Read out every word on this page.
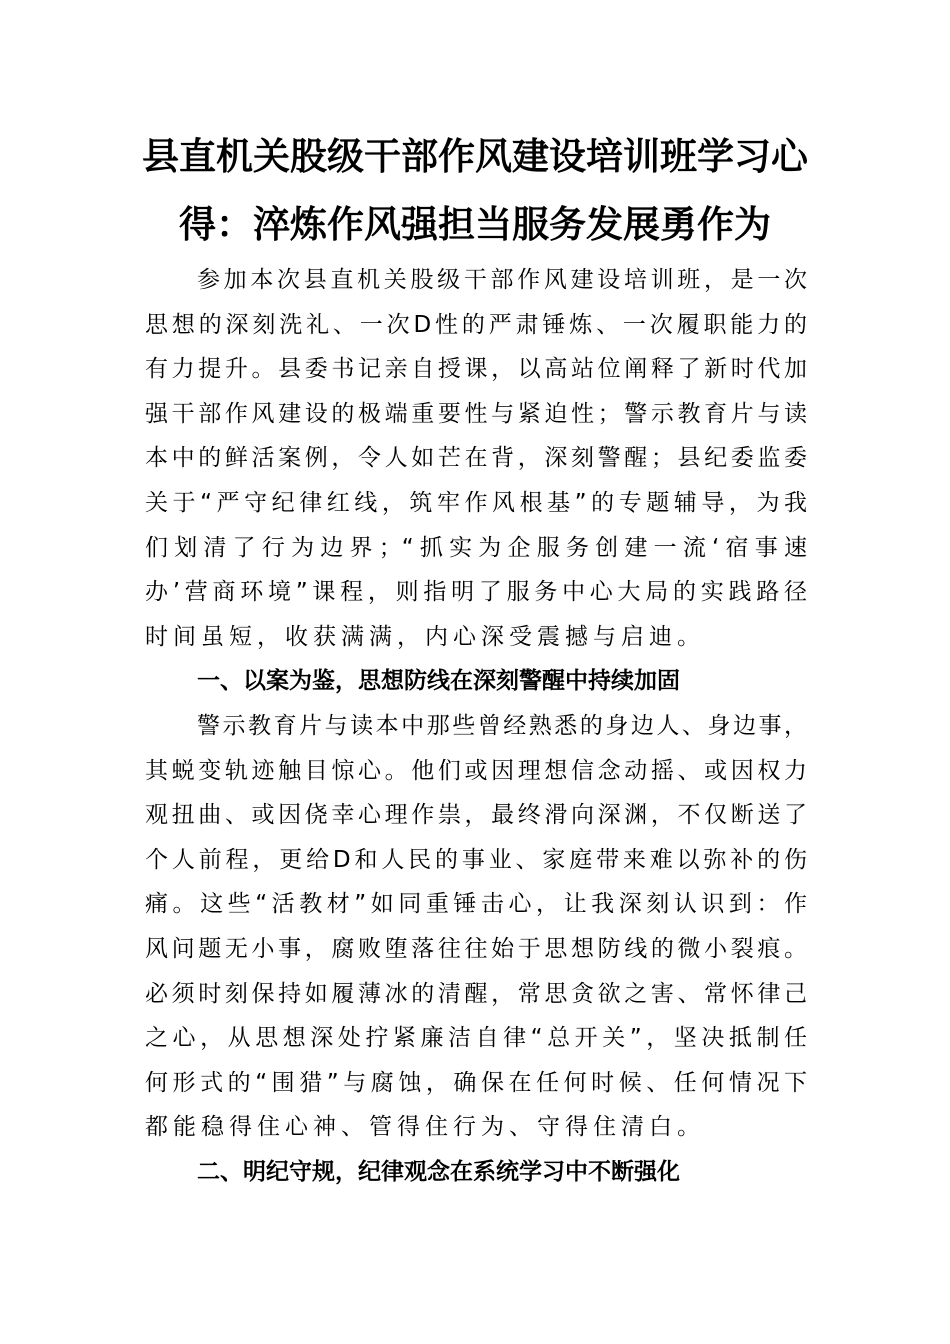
县直机关股级干部作风建设培训班学习心
得：淬炼作风强担当服务发展勇作为
参加本次县直机关股级干部作风建设培训班，是一次
思想的深刻洗礼、一次D性的严肃锤炼、一次履职能力的
有力提升。县委书记亲自授课，以高站位阐释了新时代加
强干部作风建设的极端重要性与紧迫性；警示教育片与读
本中的鲜活案例，令人如芒在背，深刻警醒；县纪委监委
关于“严守纪律红线，筑牢作风根基”的专题辅导，为我
们划清了行为边界；“抓实为企服务创建一流‘宿事速
办’营商环境”课程，则指明了服务中心大局的实践路径
时间虽短，收获满满，内心深受震撼与启迪。
一、以案为鉴，思想防线在深刻警醒中持续加固
警示教育片与读本中那些曾经熟悉的身边人、身边事，
其蜕变轨迹触目惊心。他们或因理想信念动摇、或因权力
观扭曲、或因侥幸心理作祟，最终滑向深渊，不仅断送了
个人前程，更给D和人民的事业、家庭带来难以弥补的伤
痛。这些“活教材”如同重锤击心，让我深刻认识到：作
风问题无小事，腐败堕落往往始于思想防线的微小裂痕。
必须时刻保持如履薄冰的清醒，常思贪欲之害、常怀律己
之心，从思想深处拧紧廉洁自律“总开关”，坚决抵制任
何形式的“围猎”与腐蚀，确保在任何时候、任何情况下
都能稳得住心神、管得住行为、守得住清白。
二、明纪守规，纪律观念在系统学习中不断强化
